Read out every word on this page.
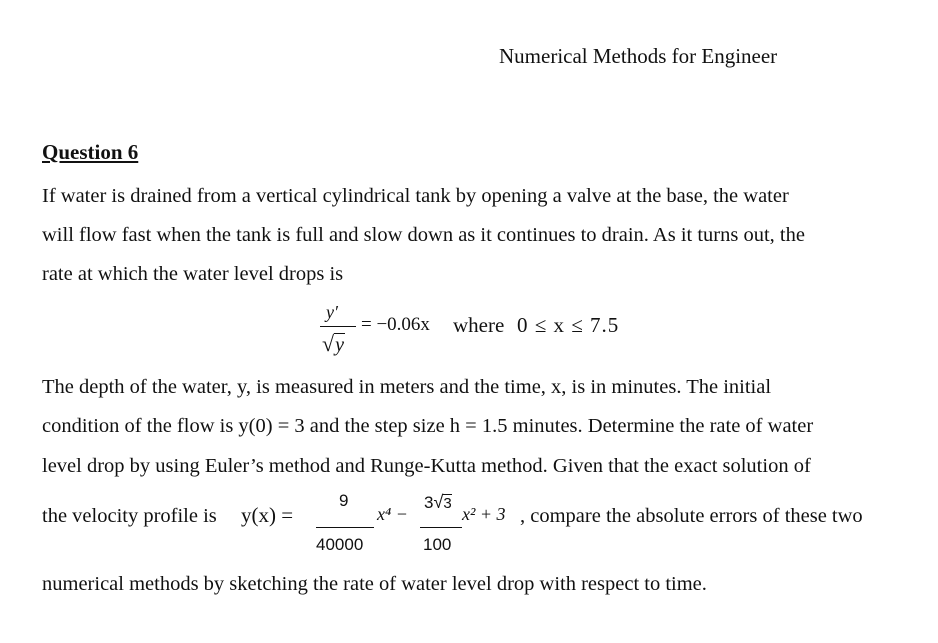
Numerical Methods for Engineer
Question 6
If water is drained from a vertical cylindrical tank by opening a valve at the base, the water
will flow fast when the tank is full and slow down as it continues to drain. As it turns out, the
rate at which the water level drops is
y′
√y
= −0.06x where 0 ≤ x ≤ 7.5
The depth of the water, y, is measured in meters and the time, x, is in minutes. The initial
condition of the flow is y(0) = 3 and the step size h = 1.5 minutes. Determine the rate of water
level drop by using Euler’s method and Runge-Kutta method. Given that the exact solution of
the velocity profile is y(x) =
9
40000
x⁴ −
3√3
100
x² + 3 , compare the absolute errors of these two
numerical methods by sketching the rate of water level drop with respect to time.
